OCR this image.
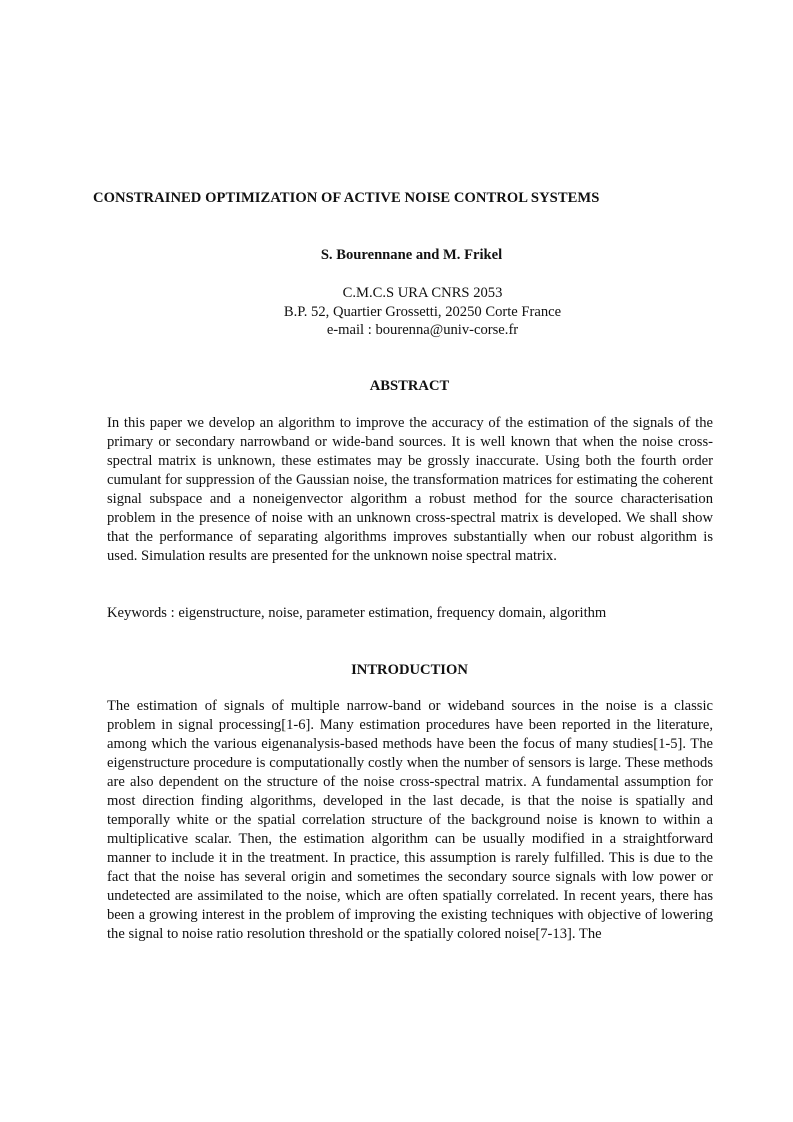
CONSTRAINED OPTIMIZATION OF ACTIVE NOISE CONTROL SYSTEMS
S. Bourennane and M. Frikel
C.M.C.S URA CNRS 2053
B.P. 52, Quartier Grossetti, 20250 Corte France
e-mail : bourenna@univ-corse.fr
ABSTRACT
In this paper we develop an algorithm to improve the accuracy of the estimation of the signals of the primary or secondary narrowband or wide-band sources. It is well known that when the noise cross-spectral matrix is unknown, these estimates may be grossly inaccurate. Using both the fourth order cumulant for suppression of the Gaussian noise, the transformation matrices for estimating the coherent signal subspace and a noneigenvector algorithm a robust method for the source characterisation problem in the presence of noise with an unknown cross-spectral matrix is developed. We shall show that the performance of separating algorithms improves substantially when our robust algorithm is used. Simulation results are presented for the unknown noise spectral matrix.
Keywords : eigenstructure, noise, parameter estimation, frequency domain, algorithm
INTRODUCTION
The estimation of signals of multiple narrow-band or wideband sources in the noise is a classic problem in signal processing[1-6]. Many estimation procedures have been reported in the literature, among which the various eigenanalysis-based methods have been the focus of many studies[1-5]. The eigenstructure procedure is computationally costly when the number of sensors is large. These methods are also dependent on the structure of the noise cross-spectral matrix. A fundamental assumption for most direction finding algorithms, developed in the last decade, is that the noise is spatially and temporally white or the spatial correlation structure of the background noise is known to within a multiplicative scalar. Then, the estimation algorithm can be usually modified in a straightforward manner to include it in the treatment. In practice, this assumption is rarely fulfilled. This is due to the fact that the noise has several origin and sometimes the secondary source signals with low power or undetected are assimilated to the noise, which are often spatially correlated. In recent years, there has been a growing interest in the problem of improving the existing techniques with objective of lowering the signal to noise ratio resolution threshold or the spatially colored noise[7-13]. The
